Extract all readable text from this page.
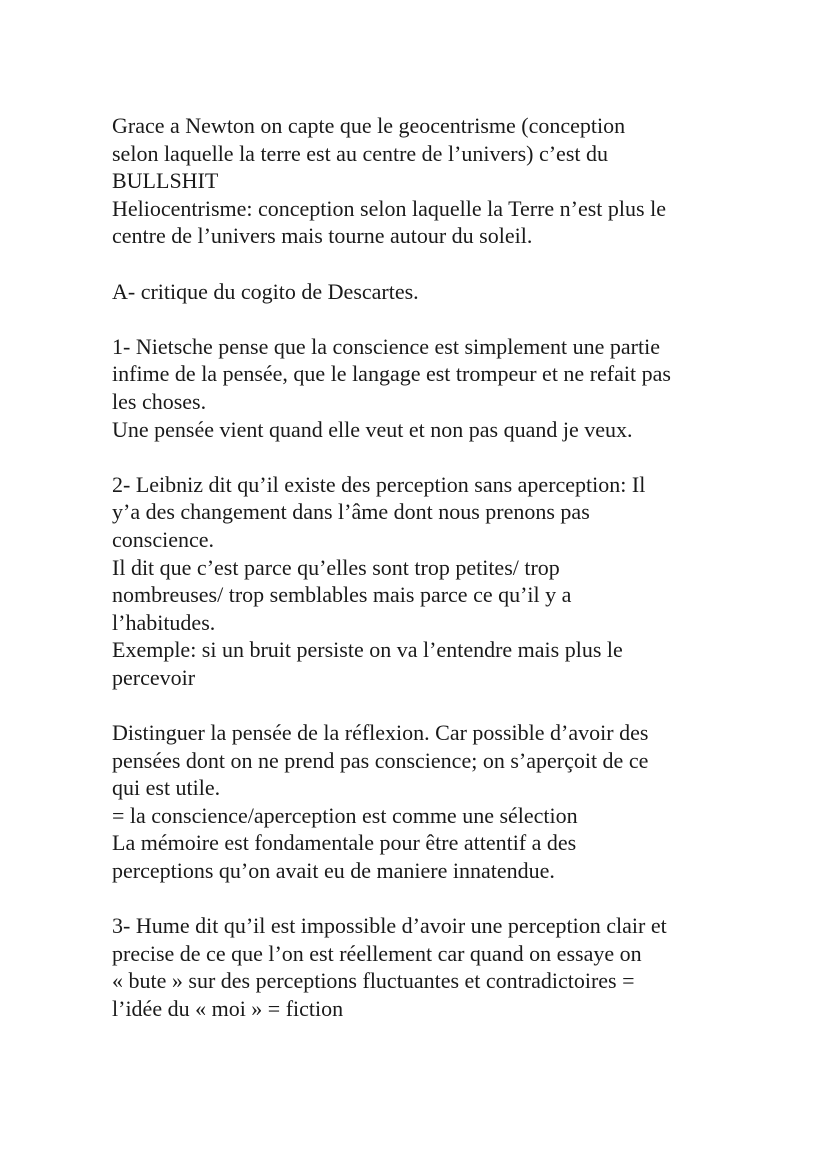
Grace a Newton on capte que le geocentrisme (conception
selon laquelle la terre est au centre de l’univers) c’est du
BULLSHIT
Heliocentrisme: conception selon laquelle la Terre n’est plus le
centre de l’univers mais tourne autour du soleil.

A- critique du cogito de Descartes.

1- Nietsche pense que la conscience est simplement une partie
infime de la pensée, que le langage est trompeur et ne refait pas
les choses.
Une pensée vient quand elle veut et non pas quand je veux.

2- Leibniz dit qu’il existe des perception sans aperception: Il
y’a des changement dans l’âme dont nous prenons pas
conscience.
Il dit que c’est parce qu’elles sont trop petites/ trop
nombreuses/ trop semblables mais parce ce qu’il y a
l’habitudes.
Exemple: si un bruit persiste on va l’entendre mais plus le
percevoir

Distinguer la pensée de la réflexion. Car possible d’avoir des
pensées dont on ne prend pas conscience; on s’aperçoit de ce
qui est utile.
= la conscience/aperception est comme une sélection
La mémoire est fondamentale pour être attentif a des
perceptions qu’on avait eu de maniere innatendue.

3- Hume dit qu’il est impossible d’avoir une perception clair et
precise de ce que l’on est réellement car quand on essaye on
« bute » sur des perceptions fluctuantes et contradictoires =
l’idée du « moi » = fiction
